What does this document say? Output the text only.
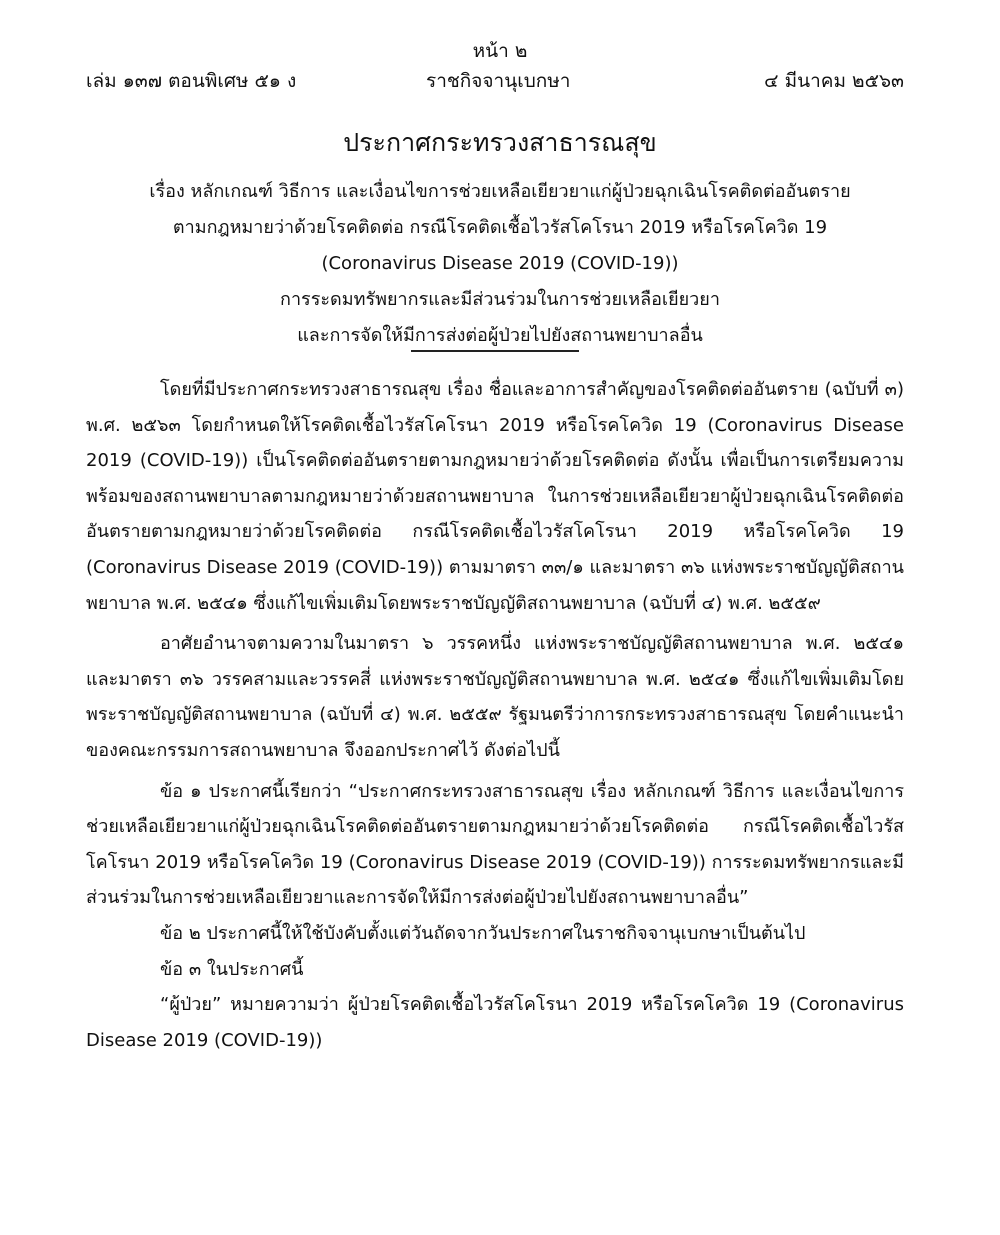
หน้า ๒
เล่ม ๑๓๗ ตอนพิเศษ ๕๑ ง	ราชกิจจานุเบกษา	๔ มีนาคม ๒๕๖๓
ประกาศกระทรวงสาธารณสุข

เรื่อง หลักเกณฑ์ วิธีการ และเงื่อนไขการช่วยเหลือเยียวยาแก่ผู้ป่วยฉุกเฉินโรคติดต่ออันตราย

ตามกฎหมายว่าด้วยโรคติดต่อ กรณีโรคติดเชื้อไวรัสโคโรนา 2019 หรือโรคโควิด 19

(Coronavirus Disease 2019 (COVID-19))

การระดมทรัพยากรและมีส่วนร่วมในการช่วยเหลือเยียวยา

และการจัดให้มีการส่งต่อผู้ป่วยไปยังสถานพยาบาลอื่น

โดยที่มีประกาศกระทรวงสาธารณสุข เรื่อง ชื่อและอาการสำคัญของโรคติดต่ออันตราย (ฉบับที่ ๓) พ.ศ. ๒๕๖๓ โดยกำหนดให้โรคติดเชื้อไวรัสโคโรนา 2019 หรือโรคโควิด 19 (Coronavirus Disease 2019 (COVID-19)) เป็นโรคติดต่ออันตรายตามกฎหมายว่าด้วยโรคติดต่อ ดังนั้น เพื่อเป็นการเตรียมความพร้อมของสถานพยาบาลตามกฎหมายว่าด้วยสถานพยาบาล ในการช่วยเหลือเยียวยาผู้ป่วยฉุกเฉินโรคติดต่ออันตรายตามกฎหมายว่าด้วยโรคติดต่อ กรณีโรคติดเชื้อไวรัสโคโรนา 2019 หรือโรคโควิด 19 (Coronavirus Disease 2019 (COVID-19)) ตามมาตรา ๓๓/๑ และมาตรา ๓๖ แห่งพระราชบัญญัติสถานพยาบาล พ.ศ. ๒๕๔๑ ซึ่งแก้ไขเพิ่มเติมโดยพระราชบัญญัติสถานพยาบาล (ฉบับที่ ๔) พ.ศ. ๒๕๕๙

อาศัยอำนาจตามความในมาตรา ๖ วรรคหนึ่ง แห่งพระราชบัญญัติสถานพยาบาล พ.ศ. ๒๕๔๑ และมาตรา ๓๖ วรรคสามและวรรคสี่ แห่งพระราชบัญญัติสถานพยาบาล พ.ศ. ๒๕๔๑ ซึ่งแก้ไขเพิ่มเติมโดยพระราชบัญญัติสถานพยาบาล (ฉบับที่ ๔) พ.ศ. ๒๕๕๙ รัฐมนตรีว่าการกระทรวงสาธารณสุข โดยคำแนะนำของคณะกรรมการสถานพยาบาล จึงออกประกาศไว้ ดังต่อไปนี้

ข้อ ๑ ประกาศนี้เรียกว่า “ประกาศกระทรวงสาธารณสุข เรื่อง หลักเกณฑ์ วิธีการ และเงื่อนไขการช่วยเหลือเยียวยาแก่ผู้ป่วยฉุกเฉินโรคติดต่ออันตรายตามกฎหมายว่าด้วยโรคติดต่อ กรณีโรคติดเชื้อไวรัสโคโรนา 2019 หรือโรคโควิด 19 (Coronavirus Disease 2019 (COVID-19)) การระดมทรัพยากรและมีส่วนร่วมในการช่วยเหลือเยียวยาและการจัดให้มีการส่งต่อผู้ป่วยไปยังสถานพยาบาลอื่น”

ข้อ ๒ ประกาศนี้ให้ใช้บังคับตั้งแต่วันถัดจากวันประกาศในราชกิจจานุเบกษาเป็นต้นไป

ข้อ ๓ ในประกาศนี้

“ผู้ป่วย” หมายความว่า ผู้ป่วยโรคติดเชื้อไวรัสโคโรนา 2019 หรือโรคโควิด 19 (Coronavirus Disease 2019 (COVID-19))
